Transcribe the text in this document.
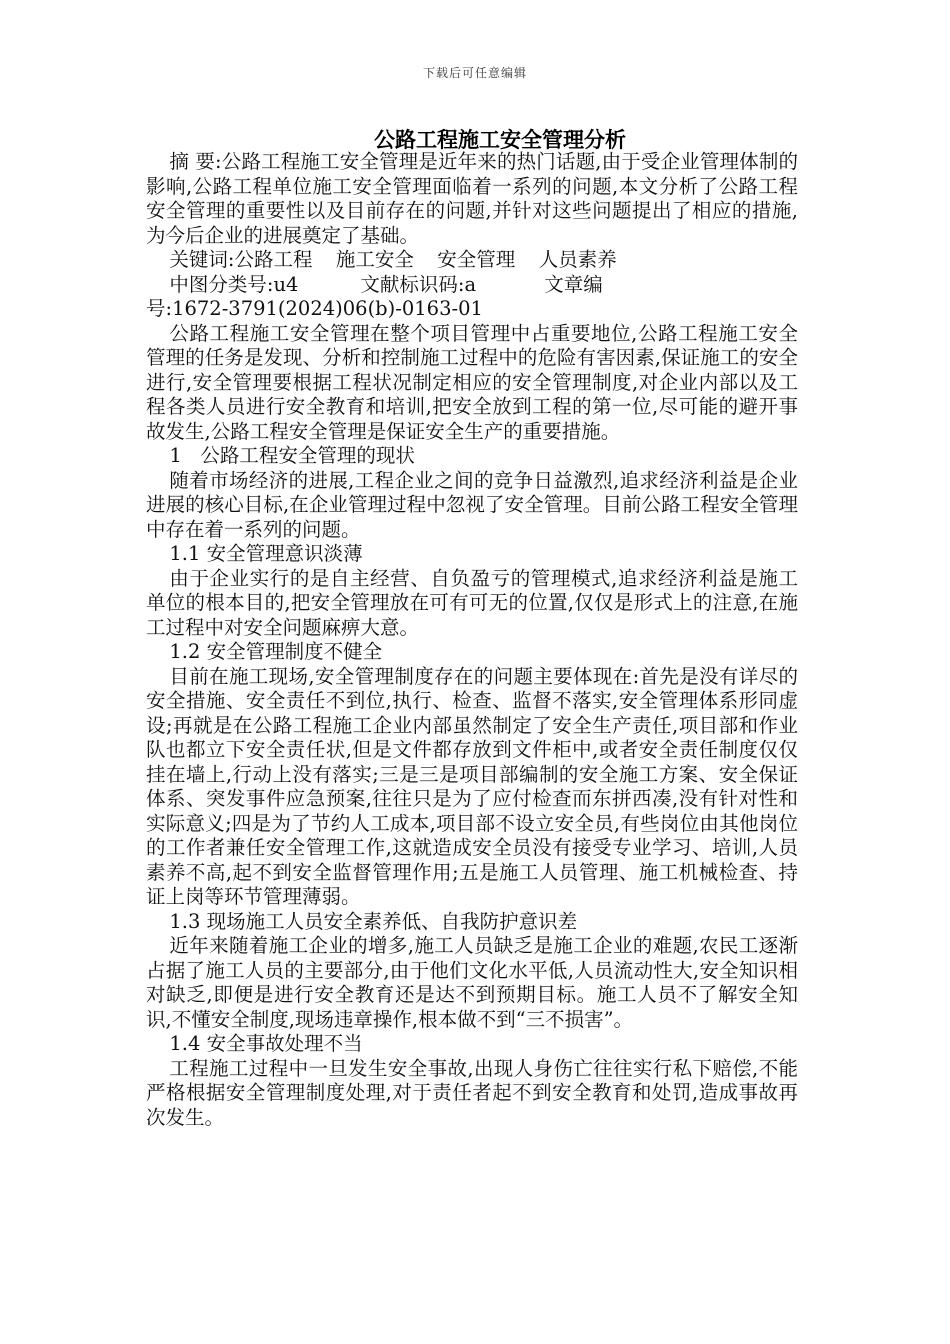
下载后可任意编辑
公路工程施工安全管理分析

摘 要:公路工程施工安全管理是近年来的热门话题,由于受企业管理体制的影响,公路工程单位施工安全管理面临着一系列的问题,本文分析了公路工程安全管理的重要性以及目前存在的问题,并针对这些问题提出了相应的措施,为今后企业的进展奠定了基础。

关键词:公路工程 施工安全 安全管理 人员素养

中图分类号:u4          文献标识码:a           文章编

号:1672-3791(2024)06(b)-0163-01

公路工程施工安全管理在整个项目管理中占重要地位,公路工程施工安全管理的任务是发现、分析和控制施工过程中的危险有害因素,保证施工的安全进行,安全管理要根据工程状况制定相应的安全管理制度,对企业内部以及工程各类人员进行安全教育和培训,把安全放到工程的第一位,尽可能的避开事故发生,公路工程安全管理是保证安全生产的重要措施。

1   公路工程安全管理的现状

随着市场经济的进展,工程企业之间的竞争日益激烈,追求经济利益是企业进展的核心目标,在企业管理过程中忽视了安全管理。目前公路工程安全管理中存在着一系列的问题。

1.1 安全管理意识淡薄

由于企业实行的是自主经营、自负盈亏的管理模式,追求经济利益是施工单位的根本目的,把安全管理放在可有可无的位置,仅仅是形式上的注意,在施工过程中对安全问题麻痹大意。

1.2 安全管理制度不健全

目前在施工现场,安全管理制度存在的问题主要体现在:首先是没有详尽的安全措施、安全责任不到位,执行、检查、监督不落实,安全管理体系形同虚设;再就是在公路工程施工企业内部虽然制定了安全生产责任,项目部和作业队也都立下安全责任状,但是文件都存放到文件柜中,或者安全责任制度仅仅挂在墙上,行动上没有落实;三是三是项目部编制的安全施工方案、安全保证体系、突发事件应急预案,往往只是为了应付检查而东拼西凑,没有针对性和实际意义;四是为了节约人工成本,项目部不设立安全员,有些岗位由其他岗位的工作者兼任安全管理工作,这就造成安全员没有接受专业学习、培训,人员素养不高,起不到安全监督管理作用;五是施工人员管理、施工机械检查、持证上岗等环节管理薄弱。

1.3 现场施工人员安全素养低、自我防护意识差

近年来随着施工企业的增多,施工人员缺乏是施工企业的难题,农民工逐渐占据了施工人员的主要部分,由于他们文化水平低,人员流动性大,安全知识相对缺乏,即便是进行安全教育还是达不到预期目标。施工人员不了解安全知识,不懂安全制度,现场违章操作,根本做不到“三不损害”。

1.4 安全事故处理不当

工程施工过程中一旦发生安全事故,出现人身伤亡往往实行私下赔偿,不能严格根据安全管理制度处理,对于责任者起不到安全教育和处罚,造成事故再次发生。
